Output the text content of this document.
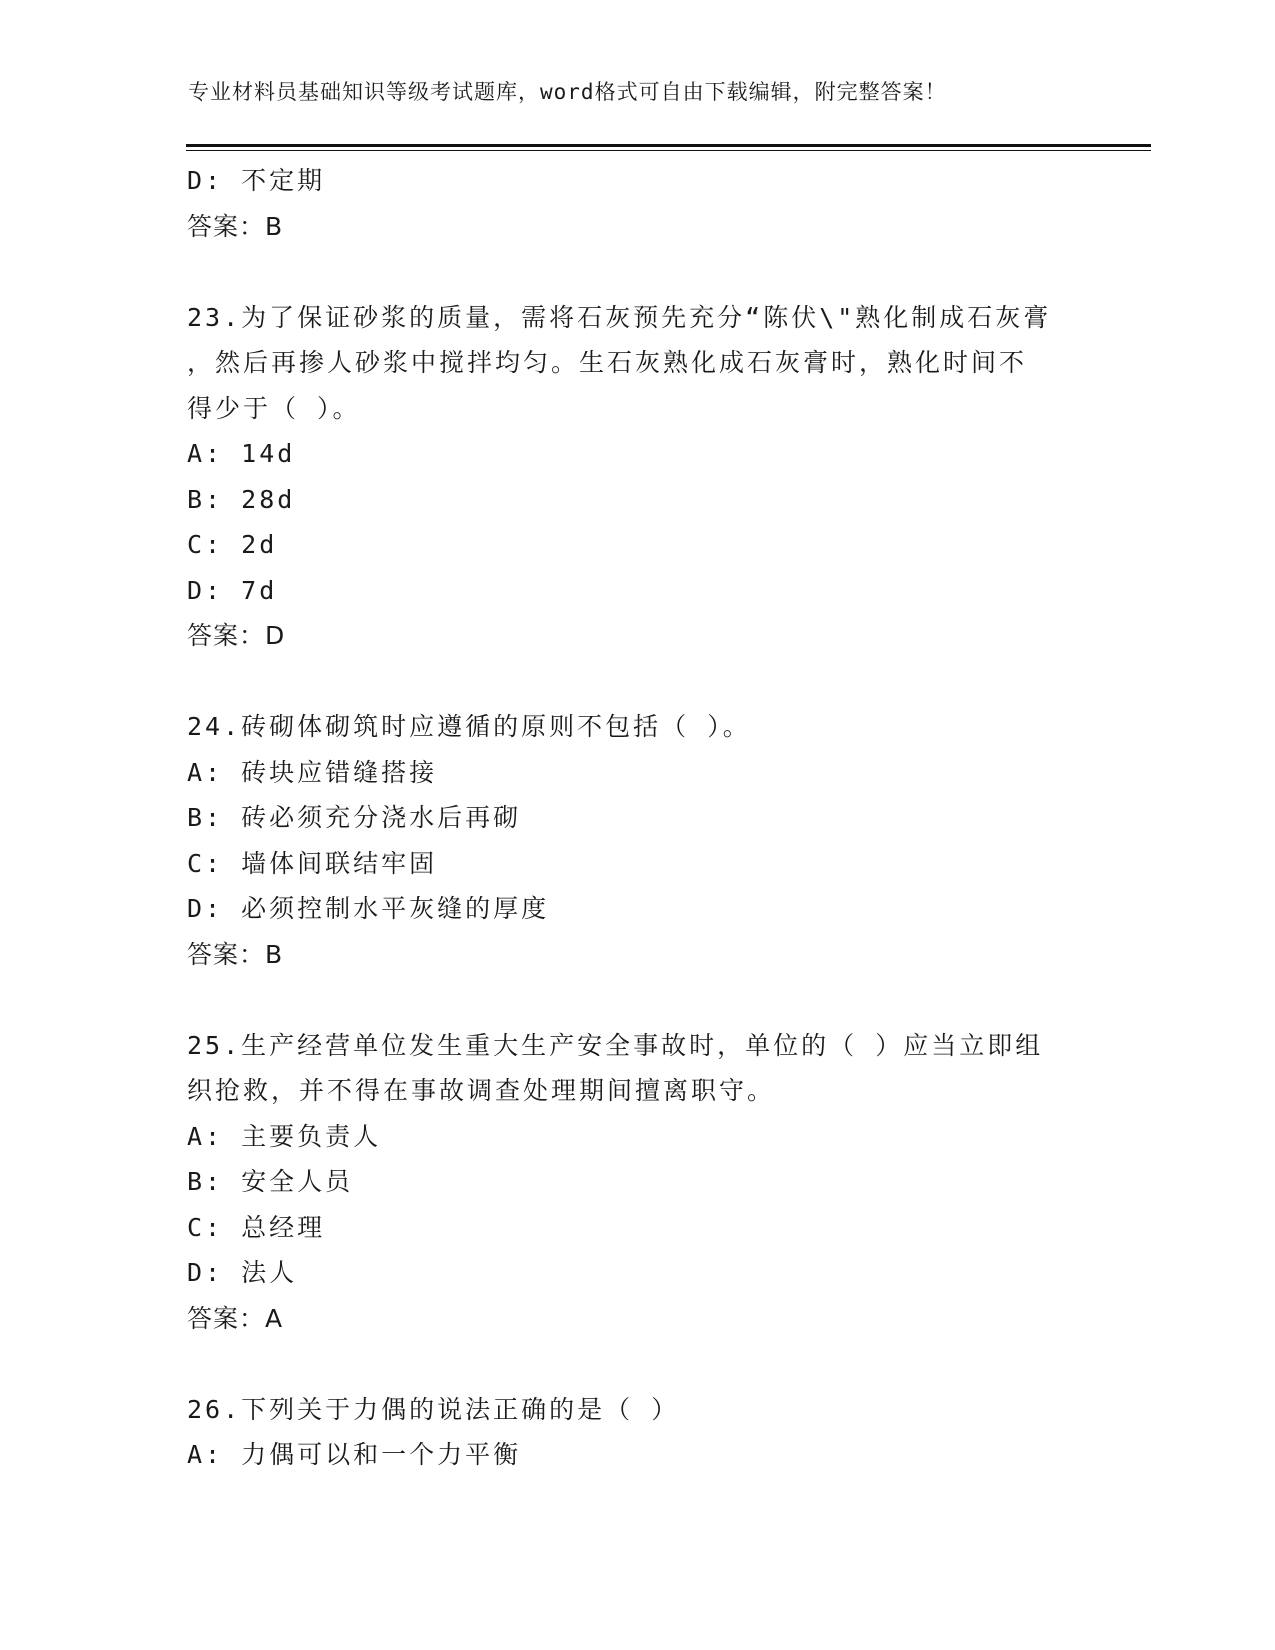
专业材料员基础知识等级考试题库，word格式可自由下载编辑，附完整答案！
D: 不定期
答案：B
23.为了保证砂浆的质量，需将石灰预先充分“陈伏\"熟化制成石灰膏
，然后再掺人砂浆中搅拌均匀。生石灰熟化成石灰膏时，熟化时间不
得少于（ ）。
A: 14d
B: 28d
C: 2d
D: 7d
答案：D
24.砖砌体砌筑时应遵循的原则不包括（ ）。
A: 砖块应错缝搭接
B: 砖必须充分浇水后再砌
C: 墙体间联结牢固
D: 必须控制水平灰缝的厚度
答案：B
25.生产经营单位发生重大生产安全事故时，单位的（ ）应当立即组
织抢救，并不得在事故调查处理期间擅离职守。
A: 主要负责人
B: 安全人员
C: 总经理
D: 法人
答案：A
26.下列关于力偶的说法正确的是（ ）
A: 力偶可以和一个力平衡
